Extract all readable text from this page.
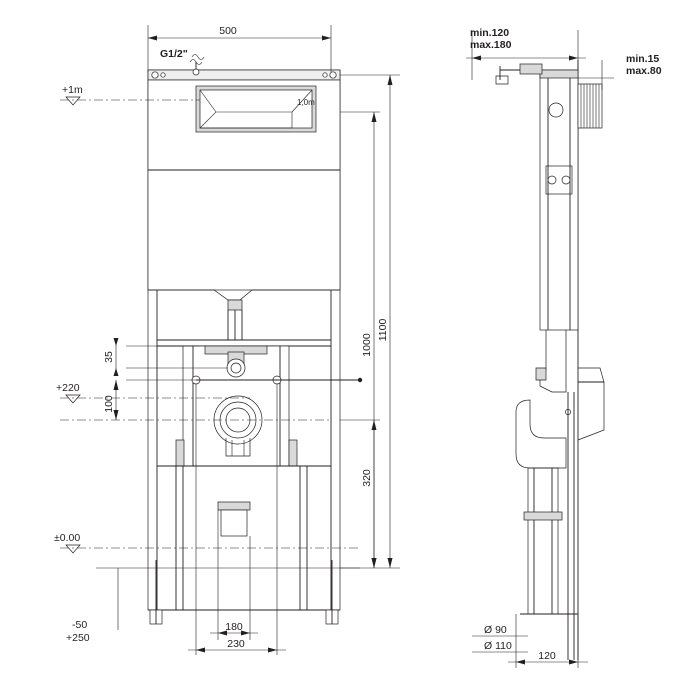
1,0m
G1/2"
+1m
+220
±0.00
-50
+250
500
1100
1000
320
35
100
180
230
min.120
max.180
min.15
max.80
120
Ø 90
Ø 110
